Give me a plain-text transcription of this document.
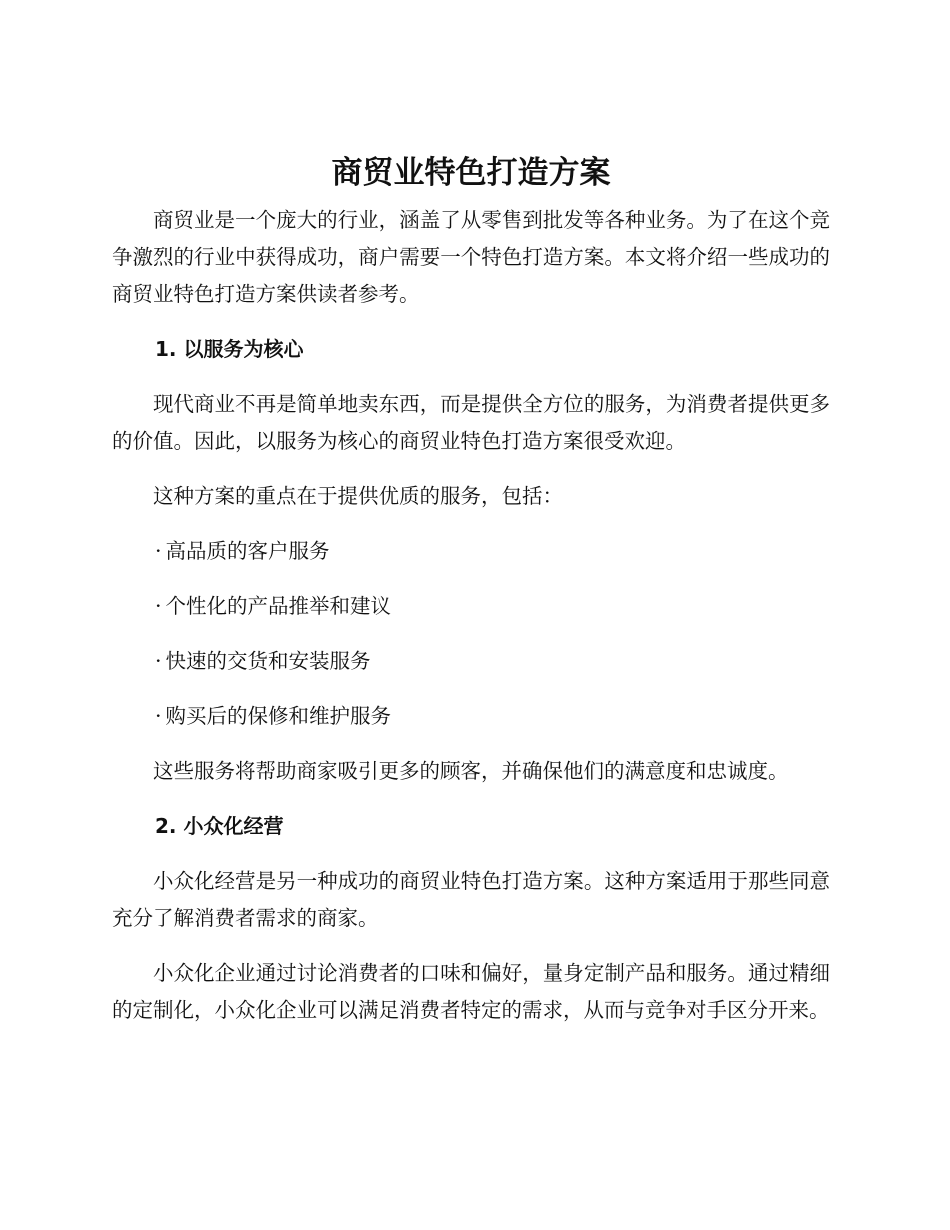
商贸业特色打造方案

商贸业是一个庞大的行业，涵盖了从零售到批发等各种业务。为了在这个竞争激烈的行业中获得成功，商户需要一个特色打造方案。本文将介绍一些成功的商贸业特色打造方案供读者参考。

1. 以服务为核心

现代商业不再是简单地卖东西，而是提供全方位的服务，为消费者提供更多的价值。因此，以服务为核心的商贸业特色打造方案很受欢迎。

这种方案的重点在于提供优质的服务，包括：

· 高品质的客户服务
· 个性化的产品推举和建议
· 快速的交货和安装服务
· 购买后的保修和维护服务

这些服务将帮助商家吸引更多的顾客，并确保他们的满意度和忠诚度。

2. 小众化经营

小众化经营是另一种成功的商贸业特色打造方案。这种方案适用于那些同意充分了解消费者需求的商家。

小众化企业通过讨论消费者的口味和偏好，量身定制产品和服务。通过精细的定制化，小众化企业可以满足消费者特定的需求，从而与竞争对手区分开来。
